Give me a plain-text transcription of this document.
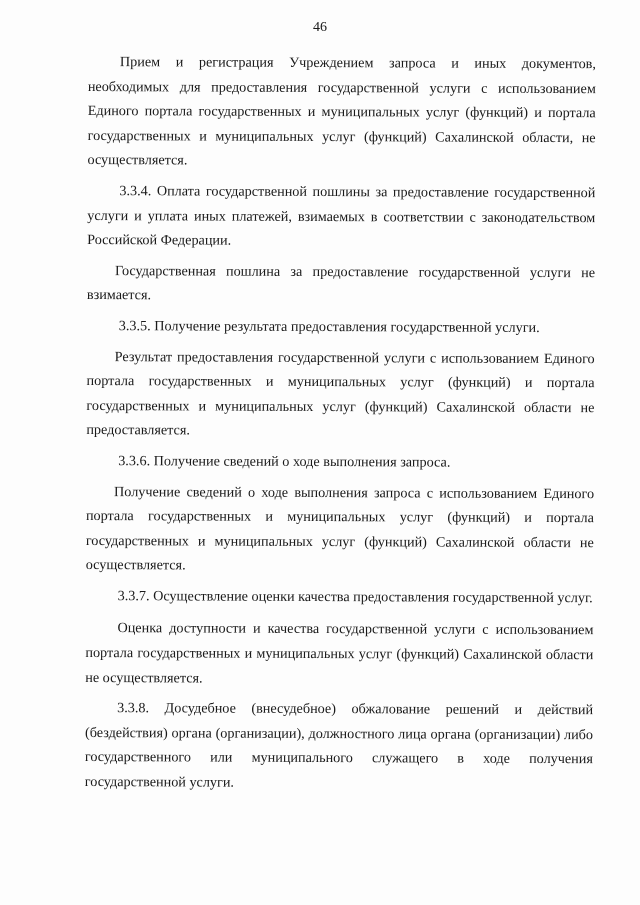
46

Прием и регистрация Учреждением запроса и иных документов, необходимых для предоставления государственной услуги с использованием Единого портала государственных и муниципальных услуг (функций) и портала государственных и муниципальных услуг (функций) Сахалинской области, не осуществляется.

3.3.4. Оплата государственной пошлины за предоставление государственной услуги и уплата иных платежей, взимаемых в соответствии с законодательством Российской Федерации.

Государственная пошлина за предоставление государственной услуги не взимается.

3.3.5. Получение результата предоставления государственной услуги.

Результат предоставления государственной услуги с использованием Единого портала государственных и муниципальных услуг (функций) и портала государственных и муниципальных услуг (функций) Сахалинской области не предоставляется.

3.3.6. Получение сведений о ходе выполнения запроса.

Получение сведений о ходе выполнения запроса с использованием Единого портала государственных и муниципальных услуг (функций) и портала государственных и муниципальных услуг (функций) Сахалинской области не осуществляется.

3.3.7. Осуществление оценки качества предоставления государственной услуг.

Оценка доступности и качества государственной услуги с использованием портала государственных и муниципальных услуг (функций) Сахалинской области не осуществляется.

3.3.8. Досудебное (внесудебное) обжалование решений и действий (бездействия) органа (организации), должностного лица органа (организации) либо государственного или муниципального служащего в ходе получения государственной услуги.
